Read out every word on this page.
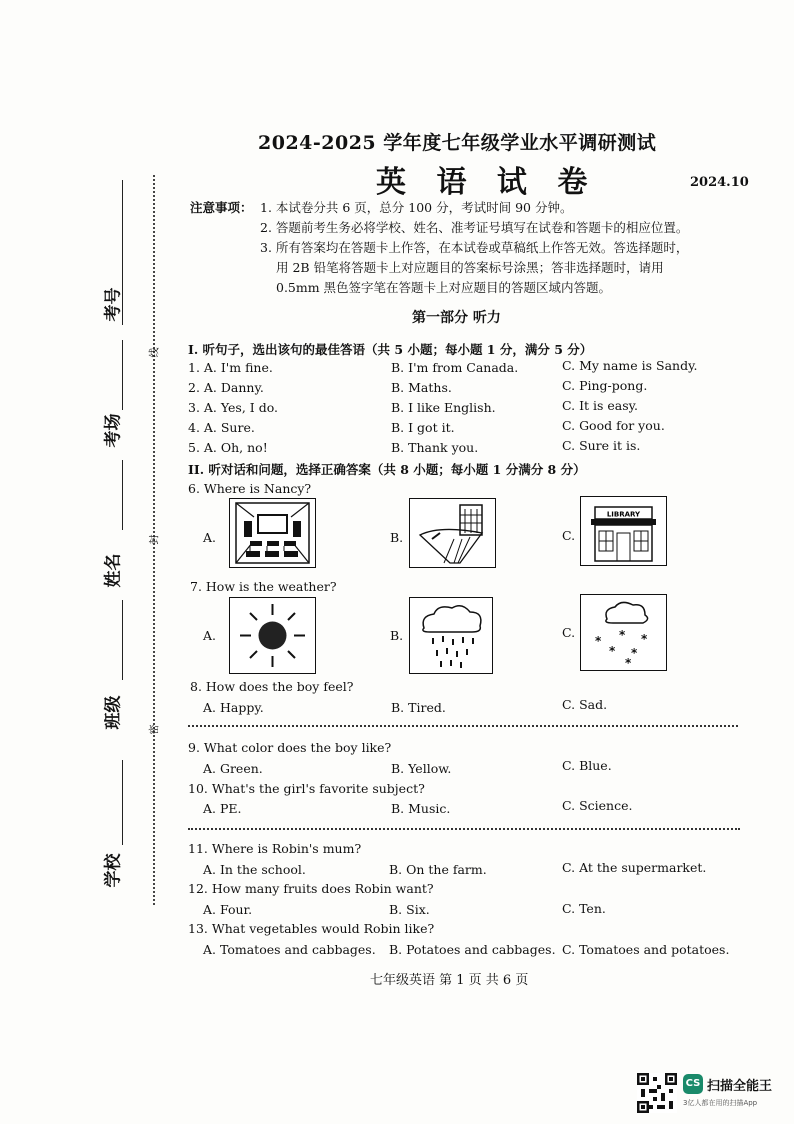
考号
考场
姓名
班级
学校
线
封
密
2024-2025 学年度七年级学业水平调研测试
英 语 试 卷	2024.10
注意事项： 1. 本试卷分共 6 页，总分 100 分，考试时间 90 分钟。
2. 答题前考生务必将学校、姓名、准考证号填写在试卷和答题卡的相应位置。
3. 所有答案均在答题卡上作答，在本试卷或草稿纸上作答无效。答选择题时，
用 2B 铅笔将答题卡上对应题目的答案标号涂黑；答非选择题时，请用
0.5mm 黑色签字笔在答题卡上对应题目的答题区域内答题。
第一部分 听力
I. 听句子，选出该句的最佳答语（共 5 小题；每小题 1 分，满分 5 分）
1. A. I'm fine.	B. I'm from Canada.	C. My name is Sandy.
2. A. Danny.	B. Maths.	C. Ping-pong.
3. A. Yes, I do.	B. I like English.	C. It is easy.
4. A. Sure.	B. I got it.	C. Good for you.
5. A. Oh, no!	B. Thank you.	C. Sure it is.
II. 听对话和问题，选择正确答案（共 8 小题；每小题 1 分满分 8 分）
6. Where is Nancy?
A.	B.	C.
LIBRARY
7. How is the weather?
A.	B.	C.
* * *
* *
*
8. How does the boy feel?
A. Happy.	B. Tired.	C. Sad.
9. What color does the boy like?
A. Green.	B. Yellow.	C. Blue.
10. What's the girl's favorite subject?
A. PE.	B. Music.	C. Science.
11. Where is Robin's mum?
A. In the school.	B. On the farm.	C. At the supermarket.
12. How many fruits does Robin want?
A. Four.	B. Six.	C. Ten.
13. What vegetables would Robin like?
A. Tomatoes and cabbages. B. Potatoes and cabbages. C. Tomatoes and potatoes.
七年级英语 第 1 页 共 6 页
CS 扫描全能王
3亿人都在用的扫描App
